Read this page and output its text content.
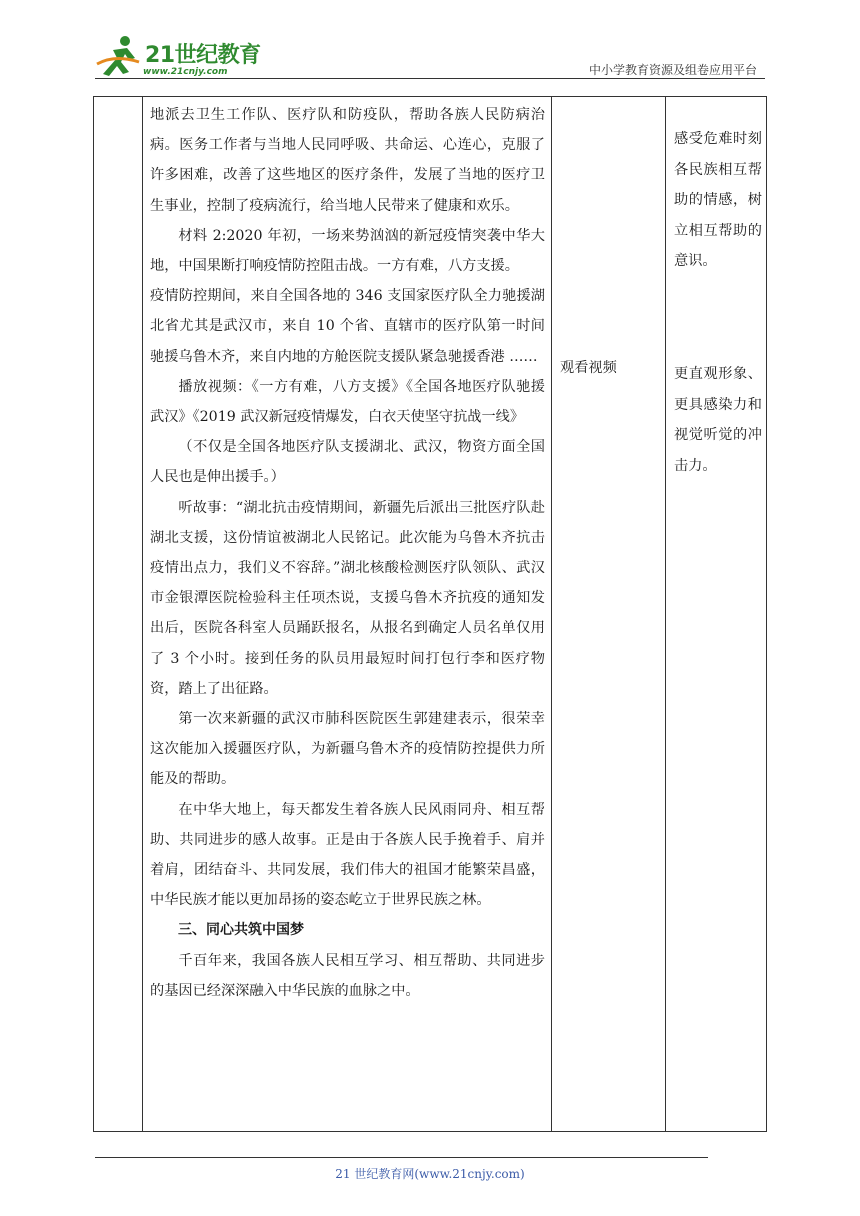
21世纪教育
www.21cnjy.com	中小学教育资源及组卷应用平台

地派去卫生工作队、医疗队和防疫队，帮助各族人民防病治病。医务工作者与当地人民同呼吸、共命运、心连心，克服了许多困难，改善了这些地区的医疗条件，发展了当地的医疗卫生事业，控制了疫病流行，给当地人民带来了健康和欢乐。

材料 2:2020 年初，一场来势汹汹的新冠疫情突袭中华大地，中国果断打响疫情防控阻击战。一方有难，八方支援。

疫情防控期间，来自全国各地的 346 支国家医疗队全力驰援湖北省尤其是武汉市，来自 10 个省、直辖市的医疗队第一时间驰援乌鲁木齐，来自内地的方舱医院支援队紧急驰援香港 ……

播放视频：《一方有难，八方支援》《全国各地医疗队驰援武汉》《2019 武汉新冠疫情爆发，白衣天使坚守抗战一线》

（不仅是全国各地医疗队支援湖北、武汉，物资方面全国人民也是伸出援手。）

听故事：“湖北抗击疫情期间，新疆先后派出三批医疗队赴湖北支援，这份情谊被湖北人民铭记。此次能为乌鲁木齐抗击疫情出点力，我们义不容辞。”湖北核酸检测医疗队领队、武汉市金银潭医院检验科主任项杰说，支援乌鲁木齐抗疫的通知发出后，医院各科室人员踊跃报名，从报名到确定人员名单仅用了 3 个小时。接到任务的队员用最短时间打包行李和医疗物资，踏上了出征路。

第一次来新疆的武汉市肺科医院医生郭建建表示，很荣幸这次能加入援疆医疗队，为新疆乌鲁木齐的疫情防控提供力所能及的帮助。

在中华大地上，每天都发生着各族人民风雨同舟、相互帮助、共同进步的感人故事。正是由于各族人民手挽着手、肩并着肩，团结奋斗、共同发展，我们伟大的祖国才能繁荣昌盛，中华民族才能以更加昂扬的姿态屹立于世界民族之林。

三、同心共筑中国梦

千百年来，我国各族人民相互学习、相互帮助、共同进步的基因已经深深融入中华民族的血脉之中。

观看视频
感受危难时刻各民族相互帮助的情感，树立相互帮助的意识。
更直观形象、更具感染力和视觉听觉的冲击力。
21 世纪教育网(www.21cnjy.com)
